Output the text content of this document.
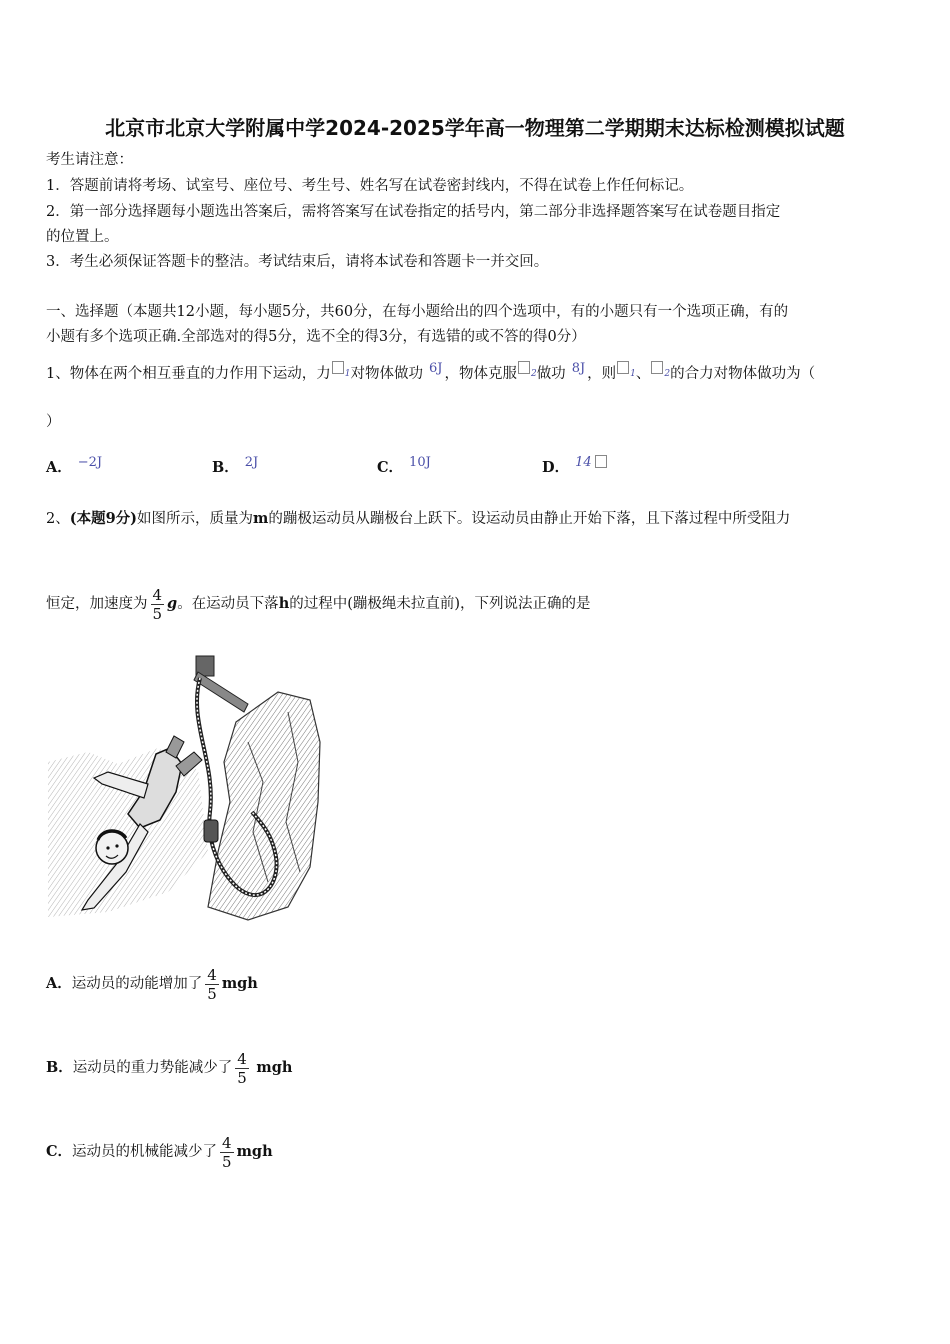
北京市北京大学附属中学2024-2025学年高一物理第二学期期末达标检测模拟试题
考生请注意：
1．答题前请将考场、试室号、座位号、考生号、姓名写在试卷密封线内，不得在试卷上作任何标记。
2．第一部分选择题每小题选出答案后，需将答案写在试卷指定的括号内，第二部分非选择题答案写在试卷题目指定
的位置上。
3．考生必须保证答题卡的整洁。考试结束后，请将本试卷和答题卡一并交回。
一、选择题（本题共12小题，每小题5分，共60分，在每小题给出的四个选项中，有的小题只有一个选项正确，有的
小题有多个选项正确.全部选对的得5分，选不全的得3分，有选错的或不答的得0分）
1、物体在两个相互垂直的力作用下运动，力 1对物体做功 6J ，物体克服 2做功 8J ，则 1、 2的合力对物体做功为（
）
A． −2J	B． 2J	C． 10J	D． 14
2、(本题9分)如图所示，质量为m的蹦极运动员从蹦极台上跃下。设运动员由静止开始下落，且下落过程中所受阻力
恒定，加速度为 $\frac{4}{5}$ g。在运动员下落h的过程中(蹦极绳未拉直前)，下列说法正确的是
A．运动员的动能增加了 $\frac{4}{5}$ mgh
B．运动员的重力势能减少了 $\frac{4}{5}$ mgh
C．运动员的机械能减少了 $\frac{4}{5}$ mgh
